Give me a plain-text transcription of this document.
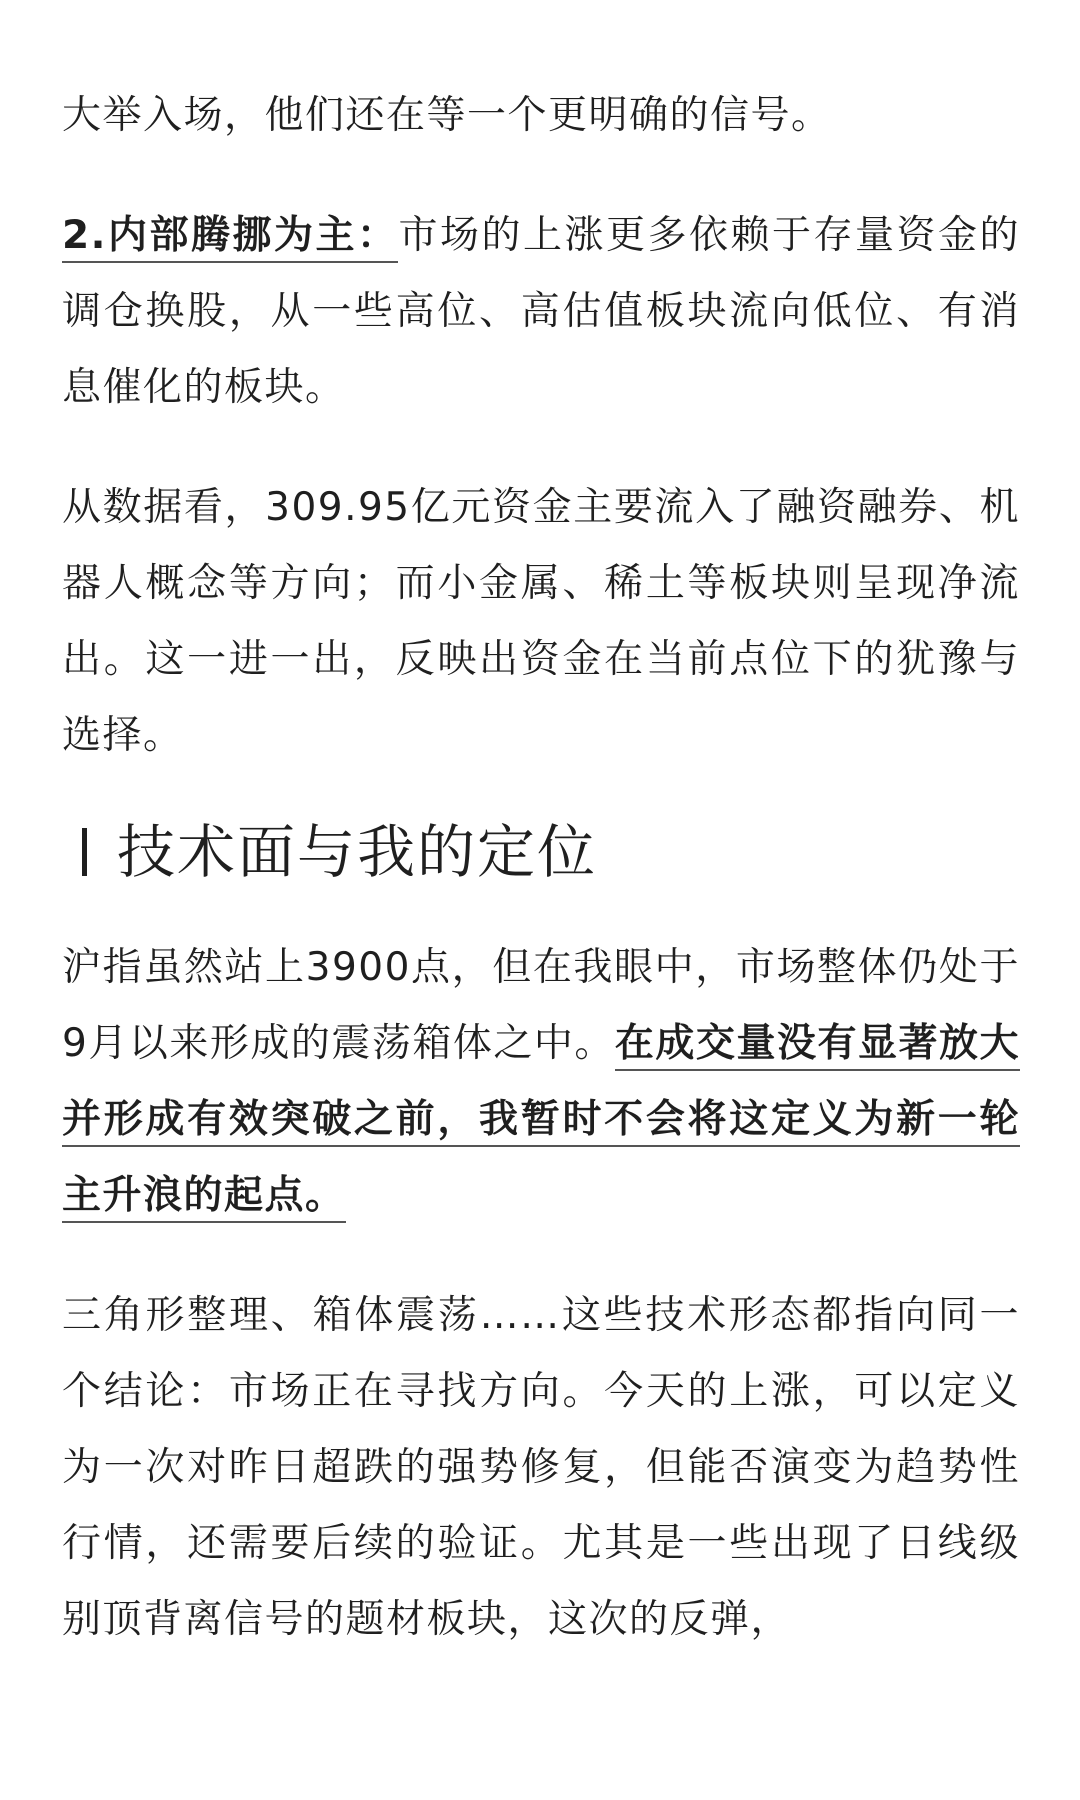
大举入场，他们还在等一个更明确的信号。

2.内部腾挪为主：市场的上涨更多依赖于存量资金的调仓换股，从一些高位、高估值板块流向低位、有消息催化的板块。

从数据看，309.95亿元资金主要流入了融资融券、机器人概念等方向；而小金属、稀土等板块则呈现净流出。这一进一出，反映出资金在当前点位下的犹豫与选择。

技术面与我的定位

沪指虽然站上3900点，但在我眼中，市场整体仍处于9月以来形成的震荡箱体之中。在成交量没有显著放大并形成有效突破之前，我暂时不会将这定义为新一轮主升浪的起点。

三角形整理、箱体震荡……这些技术形态都指向同一个结论：市场正在寻找方向。今天的上涨，可以定义为一次对昨日超跌的强势修复，但能否演变为趋势性行情，还需要后续的验证。尤其是一些出现了日线级别顶背离信号的题材板块，这次的反弹，
